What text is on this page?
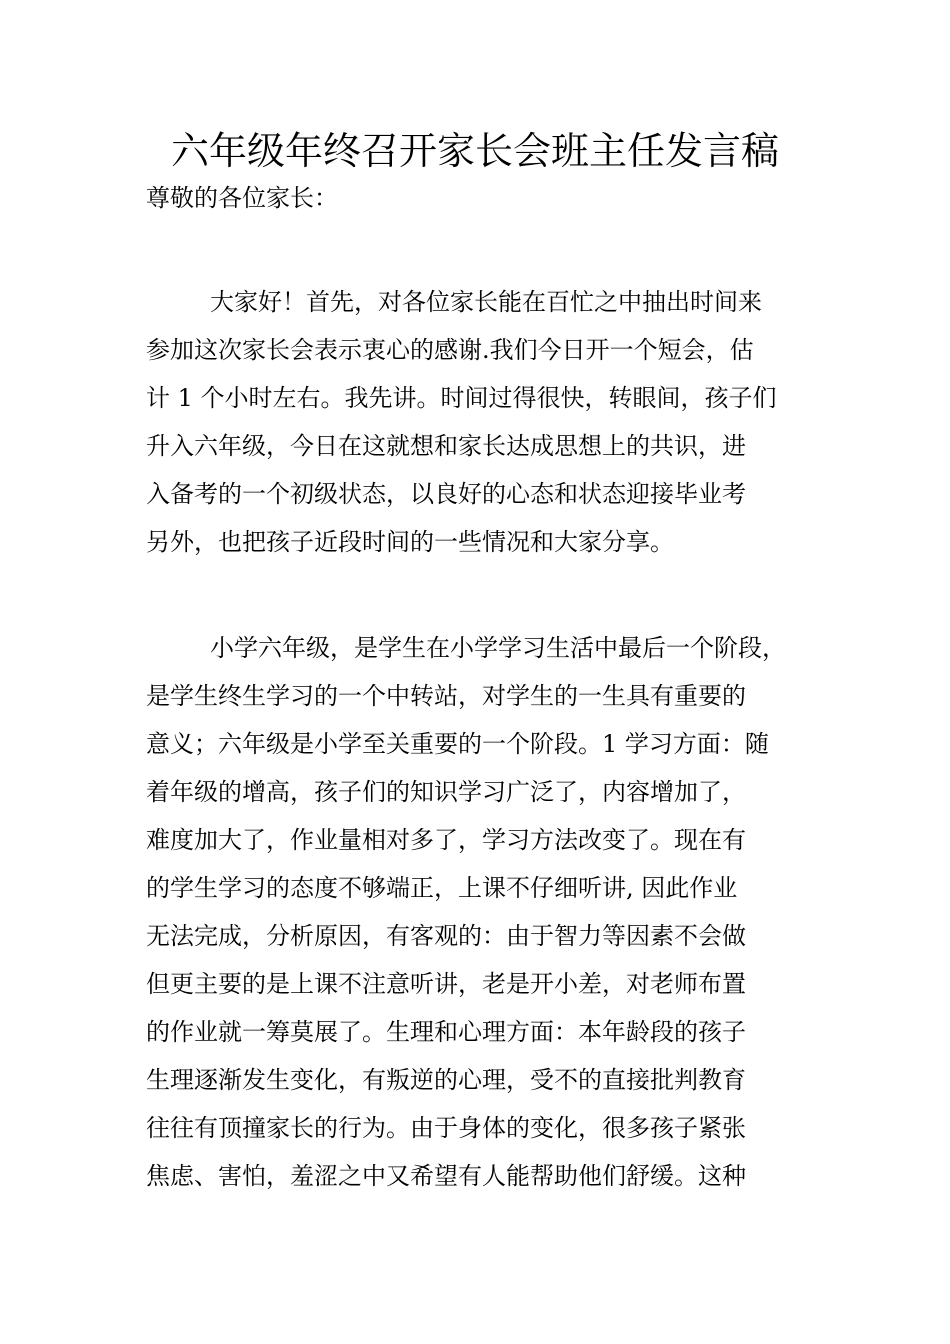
六年级年终召开家长会班主任发言稿

尊敬的各位家长：

大家好！首先，对各位家长能在百忙之中抽出时间来

参加这次家长会表示衷心的感谢.我们今日开一个短会，估

计 1 个小时左右。我先讲。时间过得很快，转眼间，孩子们

升入六年级，今日在这就想和家长达成思想上的共识，进

入备考的一个初级状态，以良好的心态和状态迎接毕业考

另外，也把孩子近段时间的一些情况和大家分享。

小学六年级，是学生在小学学习生活中最后一个阶段，

是学生终生学习的一个中转站，对学生的一生具有重要的

意义；六年级是小学至关重要的一个阶段。1 学习方面：随

着年级的增高，孩子们的知识学习广泛了，内容增加了，

难度加大了，作业量相对多了，学习方法改变了。现在有

的学生学习的态度不够端正，上课不仔细听讲, 因此作业

无法完成，分析原因，有客观的：由于智力等因素不会做

但更主要的是上课不注意听讲，老是开小差，对老师布置

的作业就一筹莫展了。生理和心理方面：本年龄段的孩子

生理逐渐发生变化，有叛逆的心理，受不的直接批判教育

往往有顶撞家长的行为。由于身体的变化，很多孩子紧张

焦虑、害怕，羞涩之中又希望有人能帮助他们舒缓。这种
